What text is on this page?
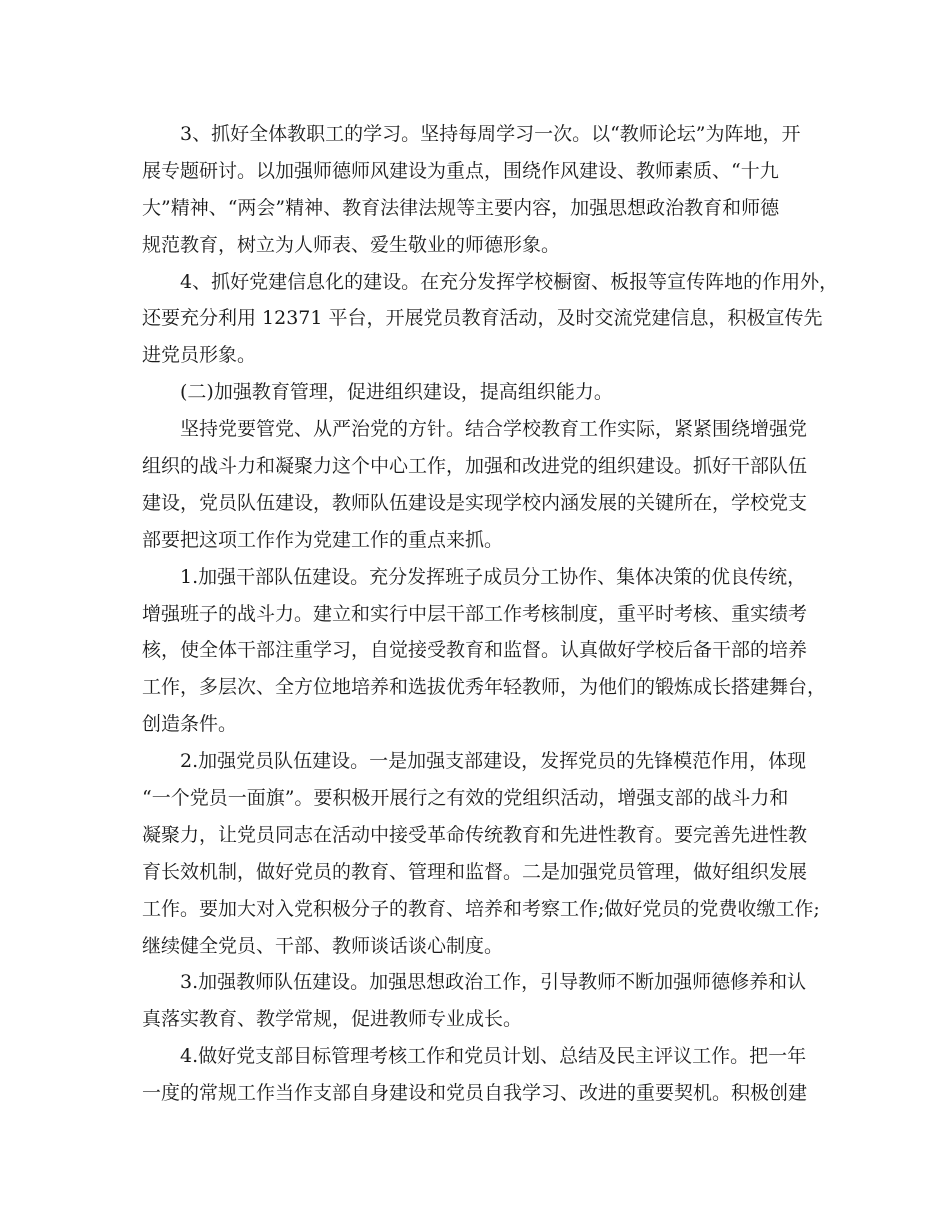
3、抓好全体教职工的学习。坚持每周学习一次。以“教师论坛”为阵地，开
展专题研讨。以加强师德师风建设为重点，围绕作风建设、教师素质、“十九
大”精神、“两会”精神、教育法律法规等主要内容，加强思想政治教育和师德
规范教育，树立为人师表、爱生敬业的师德形象。

4、抓好党建信息化的建设。在充分发挥学校橱窗、板报等宣传阵地的作用外，
还要充分利用 12371 平台，开展党员教育活动，及时交流党建信息，积极宣传先
进党员形象。

(二)加强教育管理，促进组织建设，提高组织能力。

坚持党要管党、从严治党的方针。结合学校教育工作实际，紧紧围绕增强党
组织的战斗力和凝聚力这个中心工作，加强和改进党的组织建设。抓好干部队伍
建设，党员队伍建设，教师队伍建设是实现学校内涵发展的关键所在，学校党支
部要把这项工作作为党建工作的重点来抓。

1.加强干部队伍建设。充分发挥班子成员分工协作、集体决策的优良传统，
增强班子的战斗力。建立和实行中层干部工作考核制度，重平时考核、重实绩考
核，使全体干部注重学习，自觉接受教育和监督。认真做好学校后备干部的培养
工作，多层次、全方位地培养和选拔优秀年轻教师，为他们的锻炼成长搭建舞台，
创造条件。

2.加强党员队伍建设。一是加强支部建设，发挥党员的先锋模范作用，体现
“一个党员一面旗”。要积极开展行之有效的党组织活动，增强支部的战斗力和
凝聚力，让党员同志在活动中接受革命传统教育和先进性教育。要完善先进性教
育长效机制，做好党员的教育、管理和监督。二是加强党员管理，做好组织发展
工作。要加大对入党积极分子的教育、培养和考察工作;做好党员的党费收缴工作;
继续健全党员、干部、教师谈话谈心制度。

3.加强教师队伍建设。加强思想政治工作，引导教师不断加强师德修养和认
真落实教育、教学常规，促进教师专业成长。

4.做好党支部目标管理考核工作和党员计划、总结及民主评议工作。把一年
一度的常规工作当作支部自身建设和党员自我学习、改进的重要契机。积极创建
